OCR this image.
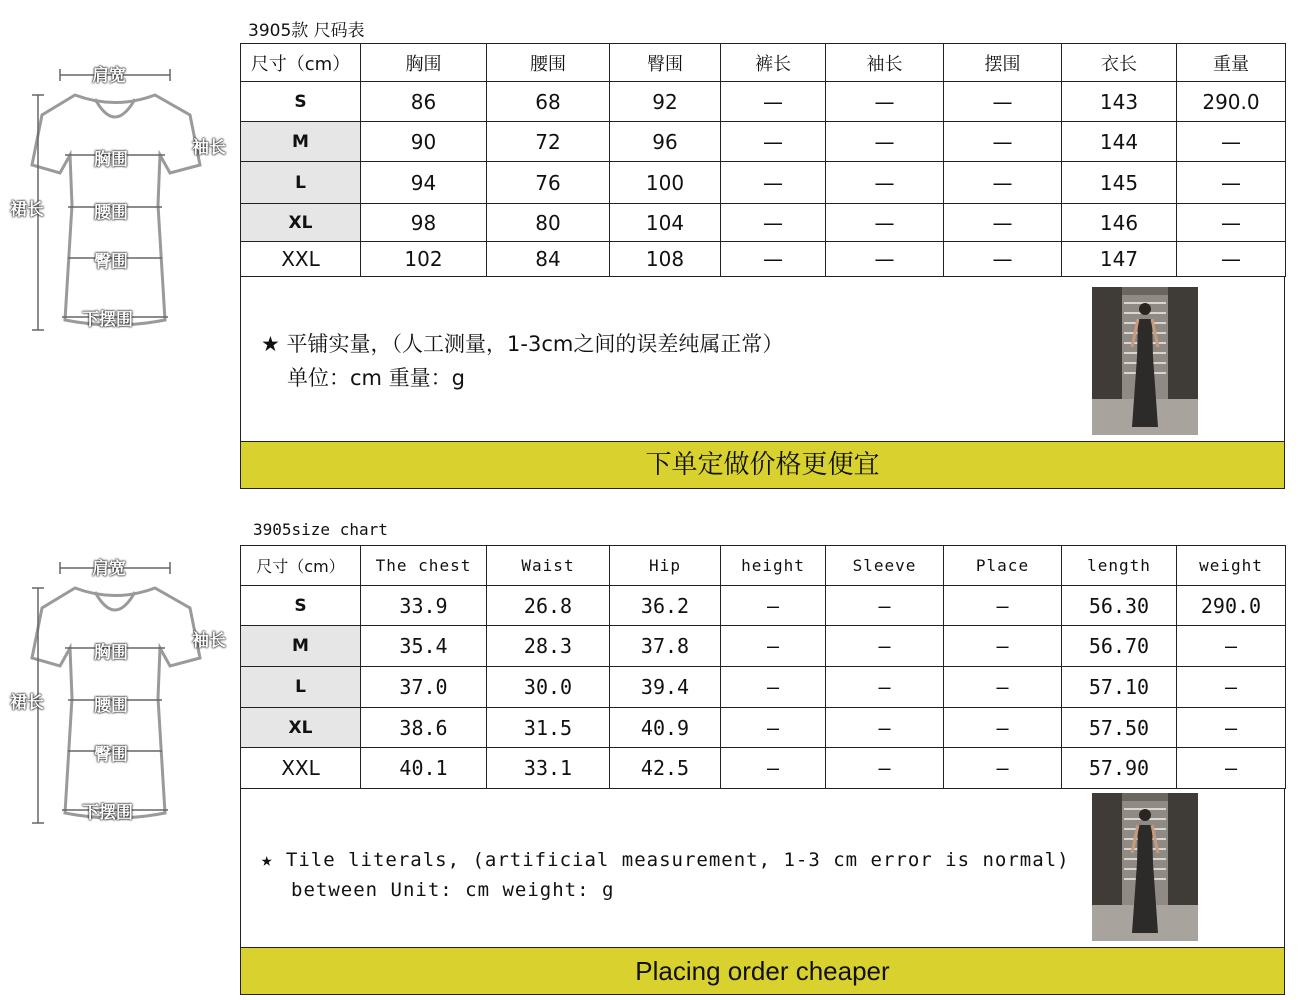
3905款 尺码表
肩宽
袖长
胸围
裙长	腰围
臀围
下摆围
尺寸（cm）	胸围	腰围	臀围	裤长	袖长	摆围	衣长	重量
S	86	68	92	—	—	—	143	290.0
M	90	72	96	—	—	—	144	—
L	94	76	100	—	—	—	145	—
XL	98	80	104	—	—	—	146	—
XXL	102	84	108	—	—	—	147	—
★ 平铺实量，（人工测量，1-3cm之间的误差纯属正常）
单位：cm 重量：g
下单定做价格更便宜
3905size chart
肩宽
袖长
胸围
裙长	腰围
臀围
下摆围
尺寸（cm）	The chest	Waist	Hip	height	Sleeve	Place	length	weight
S	33.9	26.8	36.2	—	—	—	56.30	290.0
M	35.4	28.3	37.8	—	—	—	56.70	—
L	37.0	30.0	39.4	—	—	—	57.10	—
XL	38.6	31.5	40.9	—	—	—	57.50	—
XXL	40.1	33.1	42.5	—	—	—	57.90	—
★ Tile literals, (artificial measurement, 1-3 cm error is normal)
between Unit: cm weight: g
Placing order cheaper
